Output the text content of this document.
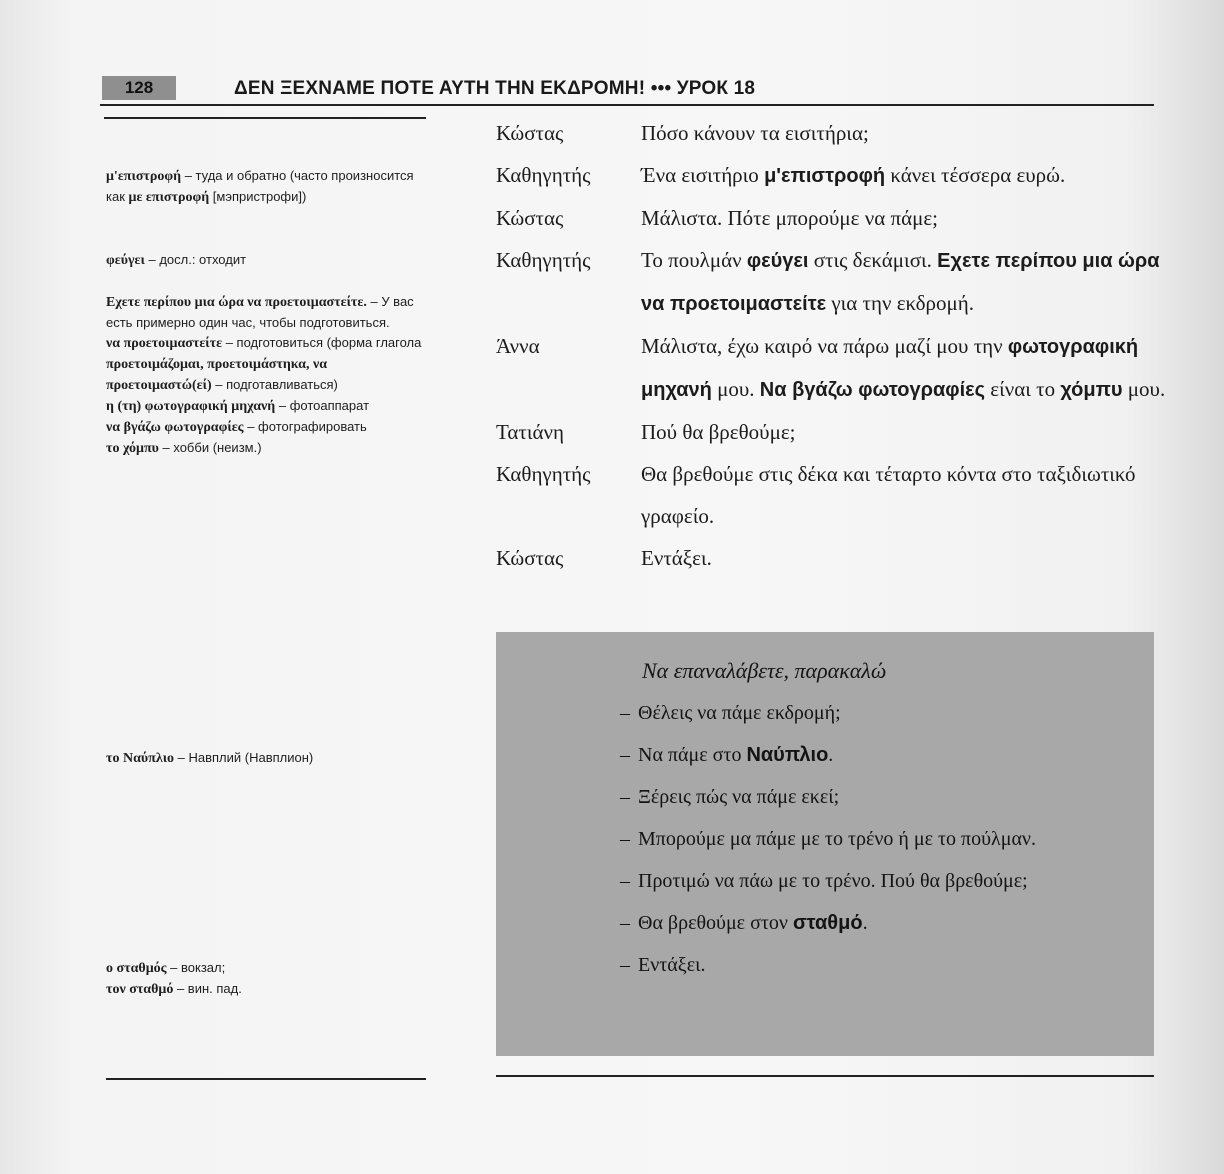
128	ΔΕΝ ΞΕΧΝΑΜΕ ΠΟΤΕ ΑΥΤΗ ΤΗΝ ΕΚΔΡΟΜΗ! ••• УРОК 18

μ'επιστροφή – туда и обратно (часто произносится как με επιστροφή [мэпристрофи])

φεύγει – досл.: отходит

Εχετε περίπου μια ώρα να προετοιμαστείτε. – У вас есть примерно один час, чтобы подготовиться.

να προετοιμαστείτε – подготовиться (форма глагола προετοιμάζομαι, προετοιμάστηκα, να προετοιμαστώ(εί) – подготавливаться)

η (τη) φωτογραφική μηχανή – фотоаппарат

να βγάζω φωτογραφίες – фотографировать

το χόμπυ – хобби (неизм.)

το Ναύπλιο – Навплий (Навплион)

ο σταθμός – вокзал;

τον σταθμό – вин. пад.

Κώστας	Πόσο κάνουν τα εισιτήρια;
Καθηγητής	Ένα εισιτήριο μ'επιστροφή κάνει τέσσερα ευρώ.
Κώστας	Μάλιστα. Πότε μπορούμε να πάμε;
Καθηγητής	Το πουλμάν φεύγει στις δεκάμισι. Εχετε περίπου μια ώρα να προετοιμαστείτε για την εκδρομή.
Άννα	Μάλιστα, έχω καιρό να πάρω μαζί μου την φωτογραφική μηχανή μου. Να βγάζω φωτογραφίες είναι το χόμπυ μου.
Τατιάνη	Πού θα βρεθούμε;
Καθηγητής	Θα βρεθούμε στις δέκα και τέταρτο κόντα στο ταξιδιωτικό γραφείο.
Κώστας	Εντάξει.
Να επαναλάβετε, παρακαλώ
– Θέλεις να πάμε εκδρομή;
– Να πάμε στο Ναύπλιο.
– Ξέρεις πώς να πάμε εκεί;
– Μπορούμε μα πάμε με το τρένο ή με το πούλμαν.
– Προτιμώ να πάω με το τρένο. Πού θα βρεθούμε;
– Θα βρεθούμε στον σταθμό.
– Εντάξει.
